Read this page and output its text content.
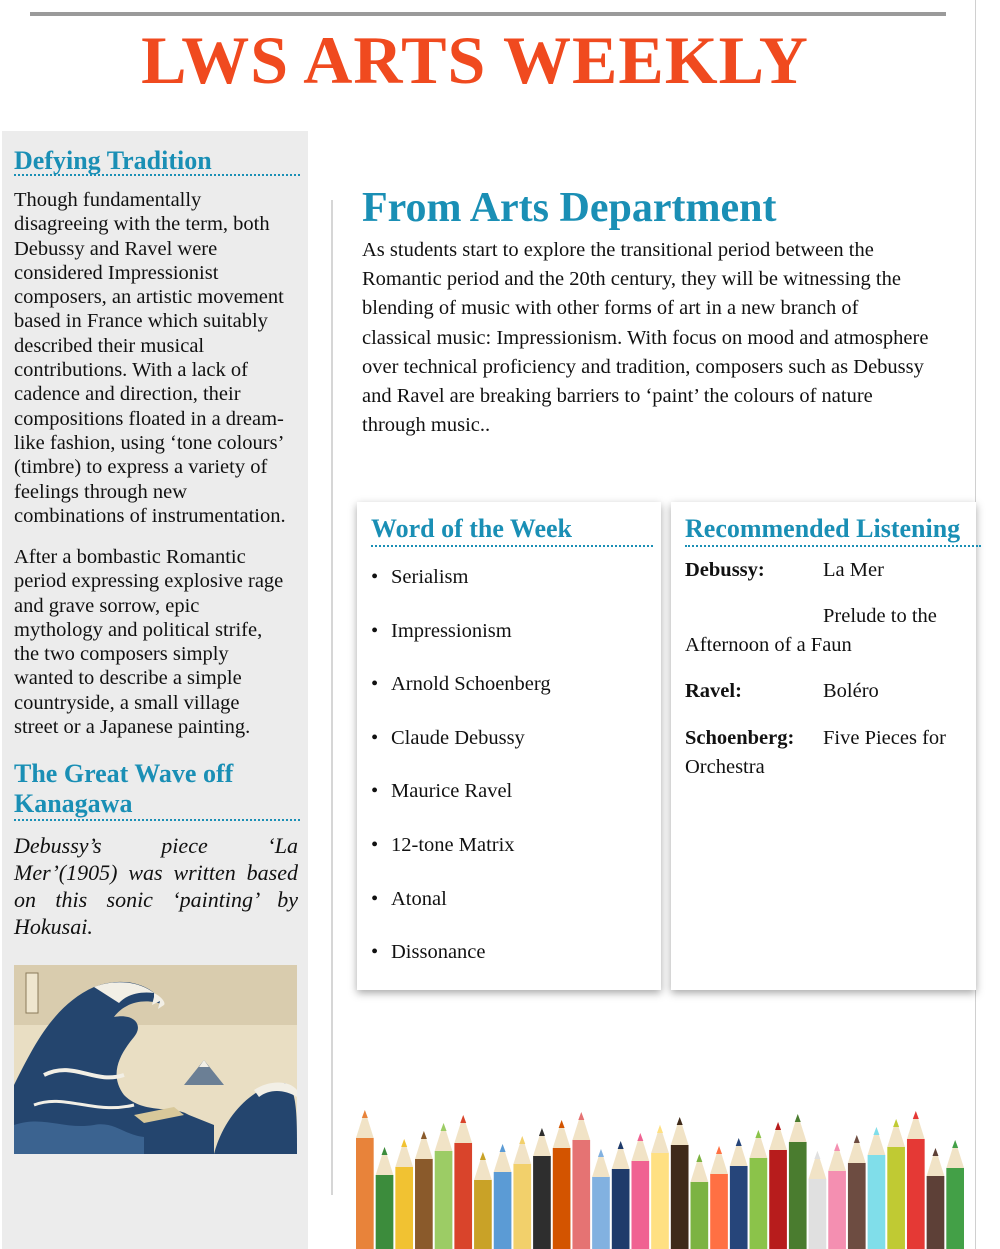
LWS ARTS WEEKLY
Defying Tradition
Though fundamentally
disagreeing with the term, both
Debussy and Ravel were
considered Impressionist
composers, an artistic movement
based in France which suitably
described their musical
contributions. With a lack of
cadence and direction, their
compositions floated in a dream-
like fashion, using ‘tone colours’
(timbre) to express a variety of
feelings through new
combinations of instrumentation.
After a bombastic Romantic
period expressing explosive rage
and grave sorrow, epic
mythology and political strife,
the two composers simply
wanted to describe a simple
countryside, a small village
street or a Japanese painting.
The Great Wave off
Kanagawa
Debussy’s piece ‘La Mer’(1905) was written based on this sonic ‘painting’ by Hokusai.
From Arts Department
As students start to explore the transitional period between the
Romantic period and the 20th century, they will be witnessing the
blending of music with other forms of art in a new branch of
classical music: Impressionism. With focus on mood and atmosphere
over technical proficiency and tradition, composers such as Debussy
and Ravel are breaking barriers to ‘paint’ the colours of nature
through music..
Word of the Week
• Serialism
• Impressionism
• Arnold Schoenberg
• Claude Debussy
• Maurice Ravel
• 12-tone Matrix
• Atonal
• Dissonance
Recommended Listening
Debussy:	La Mer
Prelude to the
Afternoon of a Faun
Ravel:	Boléro
Schoenberg: Five Pieces for
Orchestra
